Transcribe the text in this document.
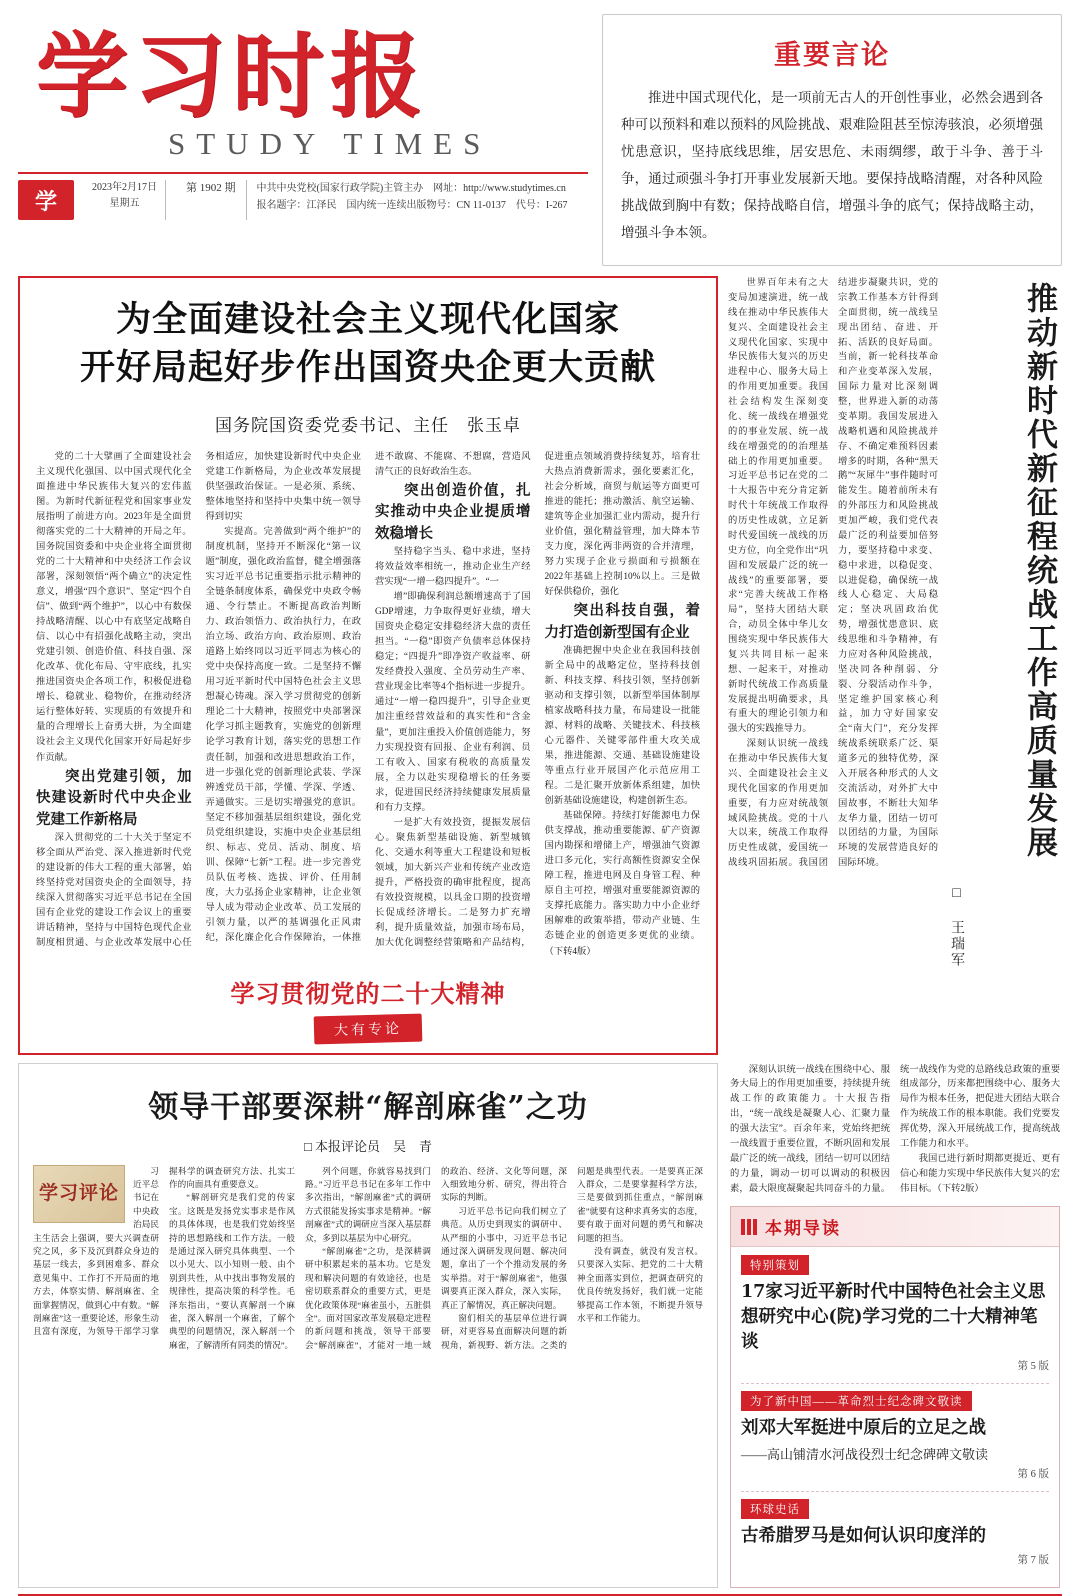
学习时报
STUDY TIMES
学
2023年2月17日
星期五
第 1902 期	中共中央党校(国家行政学院)主管主办 网址：http://www.studytimes.cn
报名题字：江泽民 国内统一连续出版物号：CN 11-0137 代号：I-267
重要言论

推进中国式现代化，是一项前无古人的开创性事业，必然会遇到各种可以预料和难以预料的风险挑战、艰难险阻甚至惊涛骇浪，必须增强忧患意识，坚持底线思维，居安思危、未雨绸缪，敢于斗争、善于斗争，通过顽强斗争打开事业发展新天地。要保持战略清醒，对各种风险挑战做到胸中有数；保持战略自信，增强斗争的底气；保持战略主动，增强斗争本领。

为全面建设社会主义现代化国家
开好局起好步作出国资央企更大贡献
国务院国资委党委书记、主任　张玉卓

党的二十大擘画了全面建设社会主义现代化强国、以中国式现代化全面推进中华民族伟大复兴的宏伟蓝图。为新时代新征程党和国家事业发展指明了前进方向。2023年是全面贯彻落实党的二十大精神的开局之年。国务院国资委和中央企业将全面贯彻党的二十大精神和中央经济工作会议部署，深刻领悟“两个确立”的决定性意义，增强“四个意识”、坚定“四个自信”、做到“两个维护”，以心中有数保持战略清醒、以心中有底坚定战略自信、以心中有招强化战略主动，突出党建引领、创造价值、科技自强、深化改革、优化布局、守牢底线，扎实推进国资央企各项工作，积极促进稳增长、稳就业、稳物价，在推动经济运行整体好转、实现质的有效提升和量的合理增长上奋勇大拼，为全面建设社会主义现代化国家开好局起好步作贡献。

突出党建引领，加快建设新时代中央企业党建工作新格局

深入贯彻党的二十大关于坚定不移全面从严治党、深入推进新时代党的建设新的伟大工程的重大部署，始终坚持党对国资央企的全面领导，持续深入贯彻落实习近平总书记在全国国有企业党的建设工作会议上的重要讲话精神，坚持与中国特色现代企业制度相贯通、与企业改革发展中心任务相适应，加快建设新时代中央企业党建工作新格局，为企业改革发展提供坚强政治保证。一是必须、系统、整体地坚持和坚持中央集中统一领导得到切实

实提高。完善做到“两个维护”的制度机制，坚持开不断深化“第一议题”制度，强化政治监督，健全增强落实习近平总书记重要指示批示精神的全链条制度体系，确保党中央政令畅通、令行禁止。不断提高政治判断力、政治领悟力、政治执行力，在政治立场、政治方向、政治原则、政治道路上始终同以习近平同志为核心的党中央保持高度一致。二是坚持不懈用习近平新时代中国特色社会主义思想凝心铸魂。深入学习贯彻党的创新理论二十大精神，按照党中央部署深化学习抓主题教育，实施党的创新理论学习教育计划，落实党的思想工作责任制，加强和改进思想政治工作，进一步强化党的创新理论武装、学深辨透党员干部，学懂、学深、学透、弄通做实。三是切实增强党的意识。坚定不移加强基层组织建设，强化党员党组织建设，实施中央企业基层组织、标志、党员、活动、制度、培训、保障“七新”工程。进一步完善党员队伍考核、选拔、评价、任用制度，大力弘扬企业家精神，让企业领导人成为带动企业改革、员工发展的引领力量，以严的基调强化正风肃纪，深化廉企化合作保障治，一体推进不敢腐、不能腐、不想腐，营造风清气正的良好政治生态。

突出创造价值，扎实推动中央企业提质增效稳增长

坚持稳字当头、稳中求进，坚持将效益效率相统一，推动企业生产经营实现“一增一稳四提升”。“一

增”即确保利润总额增速高于了国GDP增速，力争取得更好业绩，增大国资央企稳定安排稳经济大盘的责任担当。“一稳”即资产负债率总体保持稳定；“四提升”即净资产收益率、研发经费投入强度、全员劳动生产率、营业现金比率等4个指标进一步提升。通过“一增一稳四提升”，引导企业更加注重经营效益和的真实性和“含金量”，更加注重投入价值创造能力，努力实现投资有回报、企业有利润、员工有收入、国家有税收的高质量发展，全力以赴实现稳增长的任务要求，促进国民经济持续健康发展质量和有力支撑。

一是扩大有效投资，提振发展信心。聚焦新型基础设施、新型城镇化、交通水利等重大工程建设和短板领域，加大新兴产业和传统产业改造提升，严格投资的确审批程度，提高有效投资规模，以具金口期的投资增长促成经济增长。二是努力扩充增利，提升质量效益，加强市场布局，加大优化调整经营策略和产品结构，促进重点领域消费持续复苏，培育壮大热点消费新需求，强化要素汇化，社会分析域，商贸与航运等方面更可推进的能托；推动激活、航空运输、建筑等企业加强汇业内需动，提升行业价值，强化精益管理，加大降本节支力度，深化两非两资的合并清理，努力实现子企业亏损面和亏损额在2022年基础上控制10%以上。三是做好保供稳价，强化

突出科技自强，着力打造创新型国有企业

准确把握中央企业在我国科技创新全局中的战略定位，坚持科技创新、科技支撑、科技引领，坚持创新驱动和支撑引领，以新型举国体制厚植家战略科技力量，布局建设一批能源、材料的战略、关键技术、科技核心元器件、关键零部件重大攻关成果，推进能源、交通、基础设施建设等重点行业开展国产化示范应用工程。二是汇聚开放新体系组建，加快创新基础设施建设，构建创新生态。

基础保障。持续打好能源电力保供支撑战，推动重要能源、矿产资源国内勘探和增储上产，增强油气资源进口多元化，实行高额性资源安全保障工程，推进电网及自身管工程、种原自主可控，增强对重要能源资源的支撑托底能力。落实助力中小企业纾困解难的政策举措，带动产业链、生态链企业的创造更多更优的业绩。 （下转4版）

学习贯彻党的二十大精神
大有专论

世界百年未有之大变局加速演进，统一战线在推动中华民族伟大复兴、全面建设社会主义现代化国家、实现中华民族伟大复兴的历史进程中心、服务大局上的作用更加重要。我国社会结构发生深刻变化、统一战线在增强党的的事业发展、统一战线在增强党的的治理基础上的作用更加重要。习近平总书记在党的二十大报告中充分肯定新时代十年统战工作取得的历史性成就，立足新时代爱国统一战线的历史方位，向全党作出“巩固和发展最广泛的统一战线”的重要部署，要求“完善大统战工作格局”，坚持大团结大联合，动员全体中华儿女围绕实现中华民族伟大复兴共同目标一起来想、一起来干，对推动新时代统战工作高质量发展提出明确要求，具有重大的理论引领力和强大的实践推导力。

深刻认识统一战线在推动中华民族伟大复兴、全面建设社会主义现代化国家的作用更加重要，有力应对统战领域风险挑战。党的十八大以来，统战工作取得历史性成就，爱国统一战线巩固拓展。我国团结进步凝聚共识，党的宗教工作基本方针得到全面贯彻，统一战线呈现出团结、奋进、开拓、活跃的良好局面。当前，新一轮科技革命和产业变革深入发展，国际力量对比深刻调整，世界进入新的动荡变革期。我国发展进入战略机遇和风险挑战并存、不确定难预料因素增多的时期，各种“黑天鹅”“灰犀牛”事件随时可能发生。随着前所未有的外部压力和风险挑战更加严峻，我们党代表最广泛的利益要加倍努力，要坚持稳中求变、稳中求进，以稳促变、以进促稳，确保统一战线人心稳定、大局稳定；坚决巩固政治优势，增强忧患意识、底线思维和斗争精神，有力应对各种风险挑战，坚决同各种削弱、分裂、分裂活动作斗争，坚定维护国家核心利益，加力守好国家安全“南大门”，充分发挥统战系统联系广泛、渠道多元的独特优势，深入开展各种形式的人文交流活动，对外扩大中国故事，不断壮大知华友华力量，团结一切可以团结的力量，为国际环境的发展营造良好的国际环境。

推动新时代新征程统战工作高质量发展
□ 王瑞军
领导干部要深耕“解剖麻雀”之功
□ 本报评论员　吴　青
学习评论

习近平总书记在中央政治局民主生活会上强调，要大兴调查研究之风，多下及沉到群众身边的基层一线去，多到困难多、群众意见集中、工作打不开局面的地方去，体察实情、解剖麻雀、全面掌握情况，做到心中有数。“解剖麻雀”这一重要论述，形象生动且富有深度，为领导干部学习掌握科学的调查研究方法、扎实工作的向面具有重要意义。

“解剖研究是我们党的传家宝。这既是发扬党实事求是作风的具体体现，也是我们党始终坚持的思想路线和工作方法。一般是通过深入研究具体典型、一个以小见大、以小知则一般、由个别到共性，从中找出事物发展的规律性，提高决策的科学性。毛泽东指出，“要认真解剖一个麻雀，深入解剖一个麻雀，了解个典型的问题情况，深入解剖一个麻雀，了解清所有同类的情况”。

列个问题，你就容易找到门路。”习近平总书记在多年工作中多次指出，“解剖麻雀”式的调研方式很能发扬实事求是精神。“解剖麻雀”式的调研应当深入基层群众，多到以基层为中心研究。

“解剖麻雀”之功，是深耕调研中积累起来的基本功。它是发现和解决问题的有效途径，也是密切联系群众的重要方式，更是优化政策体现“麻雀虽小，五脏俱全”。面对国家改革发展稳定进程的新问题和挑战，领导干部要会“解剖麻雀”，才能对一地一域的政治、经济、文化等问题，深入细致地分析、研究，得出符合实际的判断。

习近平总书记向我们树立了典范。从历史到现实的调研中、从严细的小事中，习近平总书记通过深入调研发现问题、解决问题，拿出了一个个推动发展的务实举措。对于“解剖麻雀”，他强调要真正深入群众，深入实际，真正了解情况，真正解决问题。

窗们相关的基层单位进行调研，对更容易直面解决问题的新视角，新视野、新方法。之类的问题是典型代表。一是要真正深入群众，二是要掌握科学方法，三是要做到抓住重点，“解剖麻雀”就要有这种求真务实的态度，要有敢于面对问题的勇气和解决问题的担当。

没有调查，就没有发言权。只要深入实际、把党的二十大精神全面落实到位，把调查研究的优良传统发扬好，我们就一定能够提高工作本领，不断提升领导水平和工作能力。

深刻认识统一战线在围绕中心、服务大局上的作用更加重要，持续提升统战工作的政策能力。十大报告指出，“统一战线是凝聚人心、汇聚力量的强大法宝”。百余年来，党始终把统一战线置于重要位置，不断巩固和发展最广泛的统一战线，团结一切可以团结的力量，调动一切可以调动的积极因素，最大限度凝聚起共同奋斗的力量。统一战线作为党的总路线总政策的重要组成部分，历来都把围绕中心、服务大局作为根本任务，把促进大团结大联合作为统战工作的根本职能。我们党要发挥优势，深入开展统战工作，提高统战工作能力和水平。

我国已进行新时期都更提近、更有信心和能力实现中华民族伟大复兴的宏伟目标。（下转2版）

本期导读
特别策划
17家习近平新时代中国特色社会主义思想研究中心(院)学习党的二十大精神笔谈
第 5 版
为了新中国——革命烈士纪念碑文敬读
刘邓大军挺进中原后的立足之战
——高山铺清水河战役烈士纪念碑碑文敬读
第 6 版
环球史话
古希腊罗马是如何认识印度洋的
第 7 版
